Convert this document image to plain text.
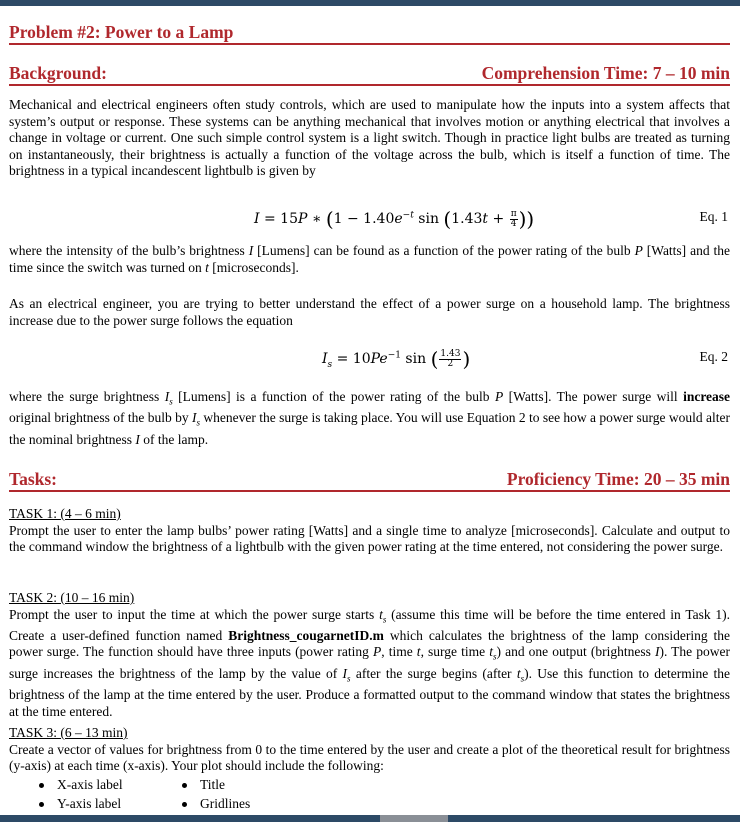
Problem #2: Power to a Lamp
Background:	Comprehension Time: 7 – 10 min
Mechanical and electrical engineers often study controls, which are used to manipulate how the inputs into a system affects that system’s output or response. These systems can be anything mechanical that involves motion or anything electrical that involves a change in voltage or current. One such simple control system is a light switch. Though in practice light bulbs are treated as turning on instantaneously, their brightness is actually a function of the voltage across the bulb, which is itself a function of time. The brightness in a typical incandescent lightbulb is given by
I = 15P ∗ ($1 - 1.40e^{-t}$ $\sin (1.43t + \frac{\pi}{4}$ ))	Eq. 1
where the intensity of the bulb’s brightness I [Lumens] can be found as a function of the power rating of the bulb P [Watts] and the time since the switch was turned on t [microseconds].
As an electrical engineer, you are trying to better understand the effect of a power surge on a household lamp. The brightness increase due to the power surge follows the equation
$I_s = 10Pe^{-1}$ sin ( $\frac{1.43}{2}$ )	Eq. 2
where the surge brightness $I_s$ [Lumens] is a function of the power rating of the bulb P [Watts]. The power surge will increase original brightness of the bulb by $I_s$ whenever the surge is taking place. You will use Equation 2 to see how a power surge would alter the nominal brightness I of the lamp.
Tasks:	Proficiency Time: 20 – 35 min
TASK 1: (4 – 6 min)
Prompt the user to enter the lamp bulbs’ power rating [Watts] and a single time to analyze [microseconds]. Calculate and output to the command window the brightness of a lightbulb with the given power rating at the time entered, not considering the power surge.
TASK 2: (10 – 16 min)
Prompt the user to input the time at which the power surge starts $t_s$ (assume this time will be before the time entered in Task 1). Create a user-defined function named Brightness_cougarnetID.m which calculates the brightness of the lamp considering the power surge. The function should have three inputs (power rating P, time t, surge time $t_s$) and one output (brightness I). The power surge increases the brightness of the lamp by the value of $I_s$ after the surge begins (after $t_s$). Use this function to determine the brightness of the lamp at the time entered by the user. Produce a formatted output to the command window that states the brightness at the time entered.
TASK 3: (6 – 13 min)
Create a vector of values for brightness from 0 to the time entered by the user and create a plot of the theoretical result for brightness (y-axis) at each time (x-axis). Your plot should include the following:
X-axis label	Title
Y-axis label	Gridlines
